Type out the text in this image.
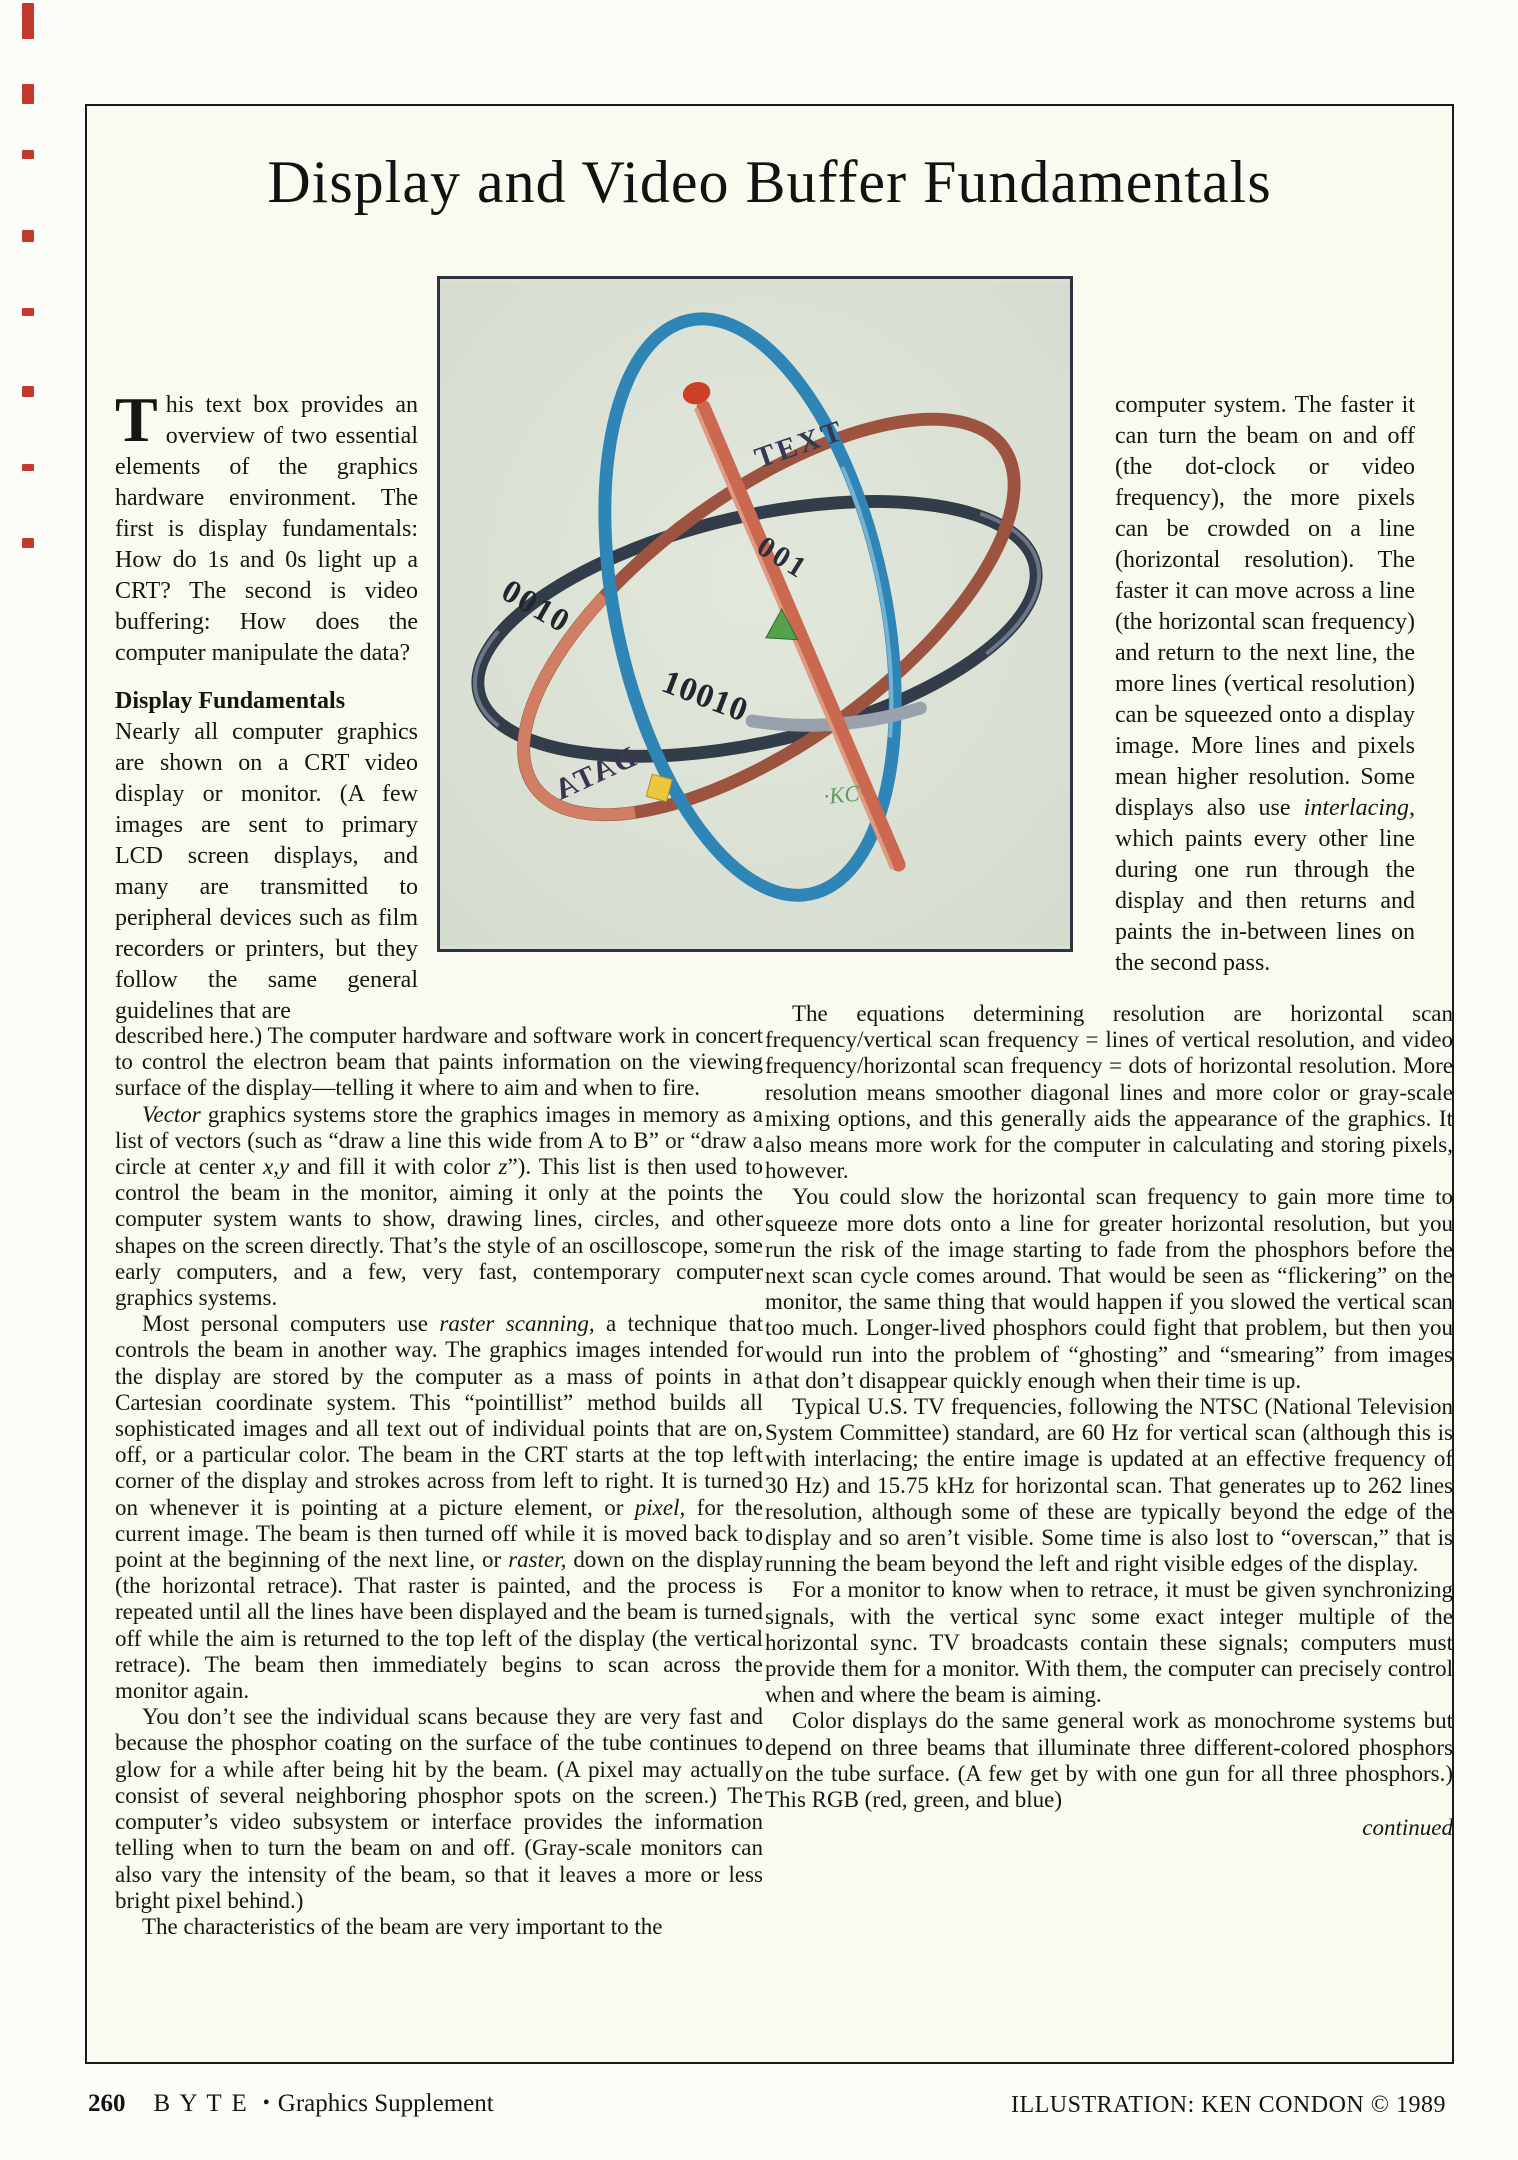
Display and Video Buffer Fundamentals
TEXT
0010
10010
001
DATA	·KC·

This text box provides an overview of two essential elements of the graphics hardware environment. The first is display fundamentals: How do 1s and 0s light up a CRT? The second is video buffering: How does the computer manipulate the data?

Display Fundamentals

Nearly all computer graphics are shown on a CRT video display or monitor. (A few images are sent to primary LCD screen displays, and many are transmitted to peripheral devices such as film recorders or printers, but they follow the same general guidelines that are

computer system. The faster it can turn the beam on and off (the dot-clock or video frequency), the more pixels can be crowded on a line (horizontal resolution). The faster it can move across a line (the horizontal scan frequency) and return to the next line, the more lines (vertical resolution) can be squeezed onto a display image. More lines and pixels mean higher resolution. Some displays also use interlacing, which paints every other line during one run through the display and then returns and paints the in-between lines on the second pass.

described here.) The computer hardware and software work in concert to control the electron beam that paints information on the viewing surface of the display—telling it where to aim and when to fire.

Vector graphics systems store the graphics images in memory as a list of vectors (such as “draw a line this wide from A to B” or “draw a circle at center x,y and fill it with color z”). This list is then used to control the beam in the monitor, aiming it only at the points the computer system wants to show, drawing lines, circles, and other shapes on the screen directly. That’s the style of an oscilloscope, some early computers, and a few, very fast, contemporary computer graphics systems.

Most personal computers use raster scanning, a technique that controls the beam in another way. The graphics images intended for the display are stored by the computer as a mass of points in a Cartesian coordinate system. This “pointillist” method builds all sophisticated images and all text out of individual points that are on, off, or a particular color. The beam in the CRT starts at the top left corner of the display and strokes across from left to right. It is turned on whenever it is pointing at a picture element, or pixel, for the current image. The beam is then turned off while it is moved back to point at the beginning of the next line, or raster, down on the display (the horizontal retrace). That raster is painted, and the process is repeated until all the lines have been displayed and the beam is turned off while the aim is returned to the top left of the display (the vertical retrace). The beam then immediately begins to scan across the monitor again.

You don’t see the individual scans because they are very fast and because the phosphor coating on the surface of the tube continues to glow for a while after being hit by the beam. (A pixel may actually consist of several neighboring phosphor spots on the screen.) The computer’s video subsystem or interface provides the information telling when to turn the beam on and off. (Gray-scale monitors can also vary the intensity of the beam, so that it leaves a more or less bright pixel behind.)

The characteristics of the beam are very important to the

The equations determining resolution are horizontal scan frequency/vertical scan frequency = lines of vertical resolution, and video frequency/horizontal scan frequency = dots of horizontal resolution. More resolution means smoother diagonal lines and more color or gray-scale mixing options, and this generally aids the appearance of the graphics. It also means more work for the computer in calculating and storing pixels, however.

You could slow the horizontal scan frequency to gain more time to squeeze more dots onto a line for greater horizontal resolution, but you run the risk of the image starting to fade from the phosphors before the next scan cycle comes around. That would be seen as “flickering” on the monitor, the same thing that would happen if you slowed the vertical scan too much. Longer-lived phosphors could fight that problem, but then you would run into the problem of “ghosting” and “smearing” from images that don’t disappear quickly enough when their time is up.

Typical U.S. TV frequencies, following the NTSC (National Television System Committee) standard, are 60 Hz for vertical scan (although this is with interlacing; the entire image is updated at an effective frequency of 30 Hz) and 15.75 kHz for horizontal scan. That generates up to 262 lines resolution, although some of these are typically beyond the edge of the display and so aren’t visible. Some time is also lost to “overscan,” that is running the beam beyond the left and right visible edges of the display.

For a monitor to know when to retrace, it must be given synchronizing signals, with the vertical sync some exact integer multiple of the horizontal sync. TV broadcasts contain these signals; computers must provide them for a monitor. With them, the computer can precisely control when and where the beam is aiming.

Color displays do the same general work as monochrome systems but depend on three beams that illuminate three different-colored phosphors on the tube surface. (A few get by with one gun for all three phosphors.) This RGB (red, green, and blue)

continued

260 B Y T E • Graphics Supplement	ILLUSTRATION: KEN CONDON © 1989
